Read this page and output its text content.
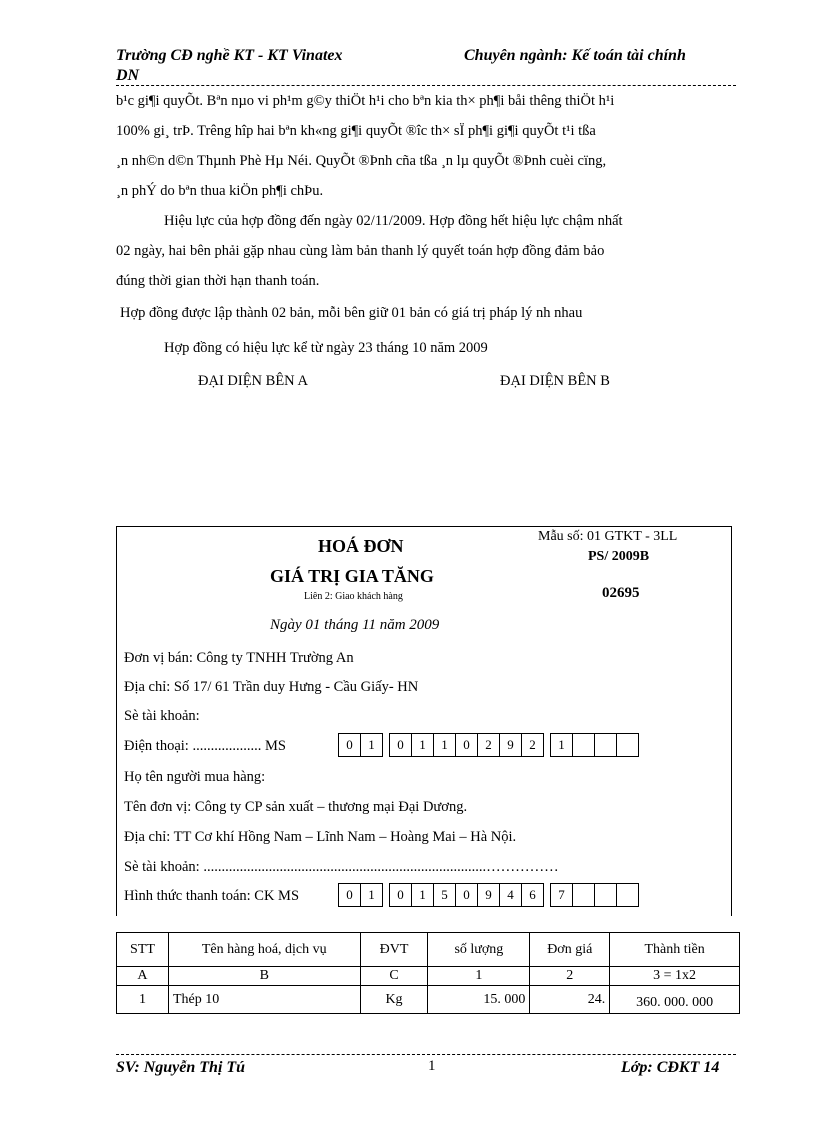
Trường CĐ nghề KT - KT Vinatex
DN
Chuyên ngành: Kế toán tài chính
b¹c gi¶i quyÕt. Bªn nµo vi ph¹m g©y thiÖt h¹i cho bªn kia th× ph¶i båi thêng thiÖt h¹i
100% gi¸ trÞ. Trêng hîp hai bªn kh«ng gi¶i quyÕt ®îc th× sÏ ph¶i gi¶i quyÕt t¹i tßa
¸n nh©n d©n Thµnh Phè Hµ Néi. QuyÕt ®Þnh cña tßa ¸n lµ quyÕt ®Þnh cuèi cïng,
¸n phÝ do bªn thua kiÖn ph¶i chÞu.
Hiệu lực của hợp đồng đến ngày 02/11/2009. Hợp đồng hết hiệu lực chậm nhất
02 ngày, hai bên phải gặp nhau cùng làm bản thanh lý quyết toán hợp đồng đảm bảo
đúng thời gian thời hạn thanh toán.
Hợp đồng được lập thành 02 bản, mỗi bên giữ 01 bản có giá trị pháp lý nh nhau
Hợp đồng có hiệu lực kể từ ngày 23 tháng 10 năm 2009
ĐẠI DIỆN BÊN A	ĐẠI DIỆN BÊN B
HOÁ ĐƠN
GIÁ TRỊ GIA TĂNG
Liên 2: Giao khách hàng
Ngày 01 tháng 11 năm 2009
Mẫu số: 01 GTKT - 3LL
PS/ 2009B
02695
Đơn vị bán: Công ty TNHH Trường An
Địa chỉ: Số 17/ 61 Trần duy Hưng - Cầu Giấy- HN
Sè tài khoản:
Điện thoại: ................... MS	0	1	0	1	1	0	2	9	2	1
Họ tên người mua hàng:
Tên đơn vị: Công ty CP sản xuất – thương mại Đại Dương.
Địa chỉ: TT Cơ khí Hồng Nam – Lĩnh Nam – Hoàng Mai – Hà Nội.
Sè tài khoản: ..............................................................................……………
Hình thức thanh toán: CK MS	0	1	0	1	5	0	9	4	6	7
STT	Tên hàng hoá, dịch vụ	ĐVT	số lượng	Đơn giá	Thành tiền
A	B	C	1	2	3 = 1x2
1	Thép 10	Kg	15. 000	24.	360. 000. 000
SV: Nguyễn Thị Tú	1	Lớp: CĐKT 14
